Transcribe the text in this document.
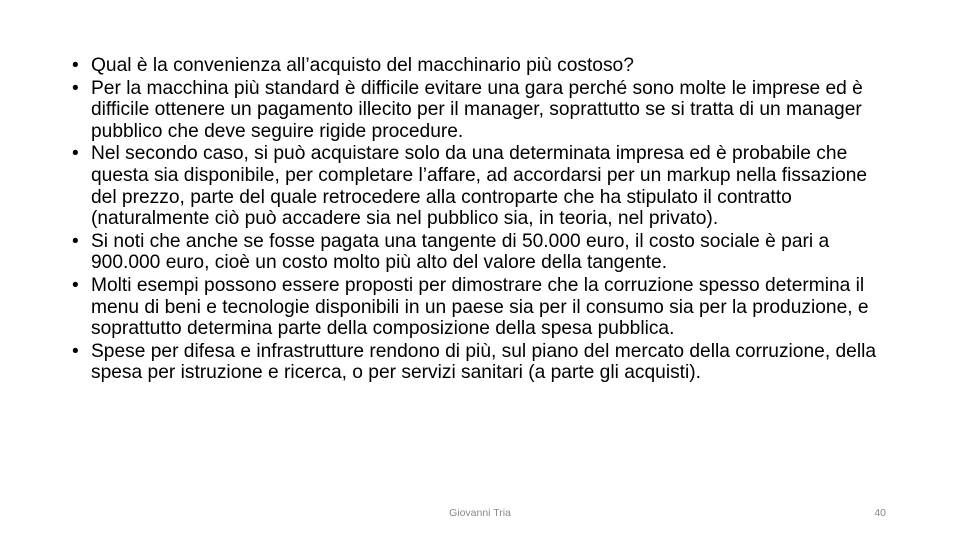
• Qual è la convenienza all’acquisto del macchinario più costoso?
• Per la macchina più standard è difficile evitare una gara perché sono molte le imprese ed è difficile ottenere un pagamento illecito per il manager, soprattutto se si tratta di un manager pubblico che deve seguire rigide procedure.
• Nel secondo caso, si può acquistare solo da una determinata impresa ed è probabile che questa sia disponibile, per completare l’affare, ad accordarsi per un markup nella fissazione del prezzo, parte del quale retrocedere alla controparte che ha stipulato il contratto (naturalmente ciò può accadere sia nel pubblico sia, in teoria, nel privato).
• Si noti che anche se fosse pagata una tangente di 50.000 euro, il costo sociale è pari a 900.000 euro, cioè un costo molto più alto del valore della tangente.
• Molti esempi possono essere proposti per dimostrare che la corruzione spesso determina il menu di beni e tecnologie disponibili in un paese sia per il consumo sia per la produzione, e soprattutto determina parte della composizione della spesa pubblica.
• Spese per difesa e infrastrutture rendono di più, sul piano del mercato della corruzione, della spesa per istruzione e ricerca, o per servizi sanitari (a parte gli acquisti).
Giovanni Tria	40
